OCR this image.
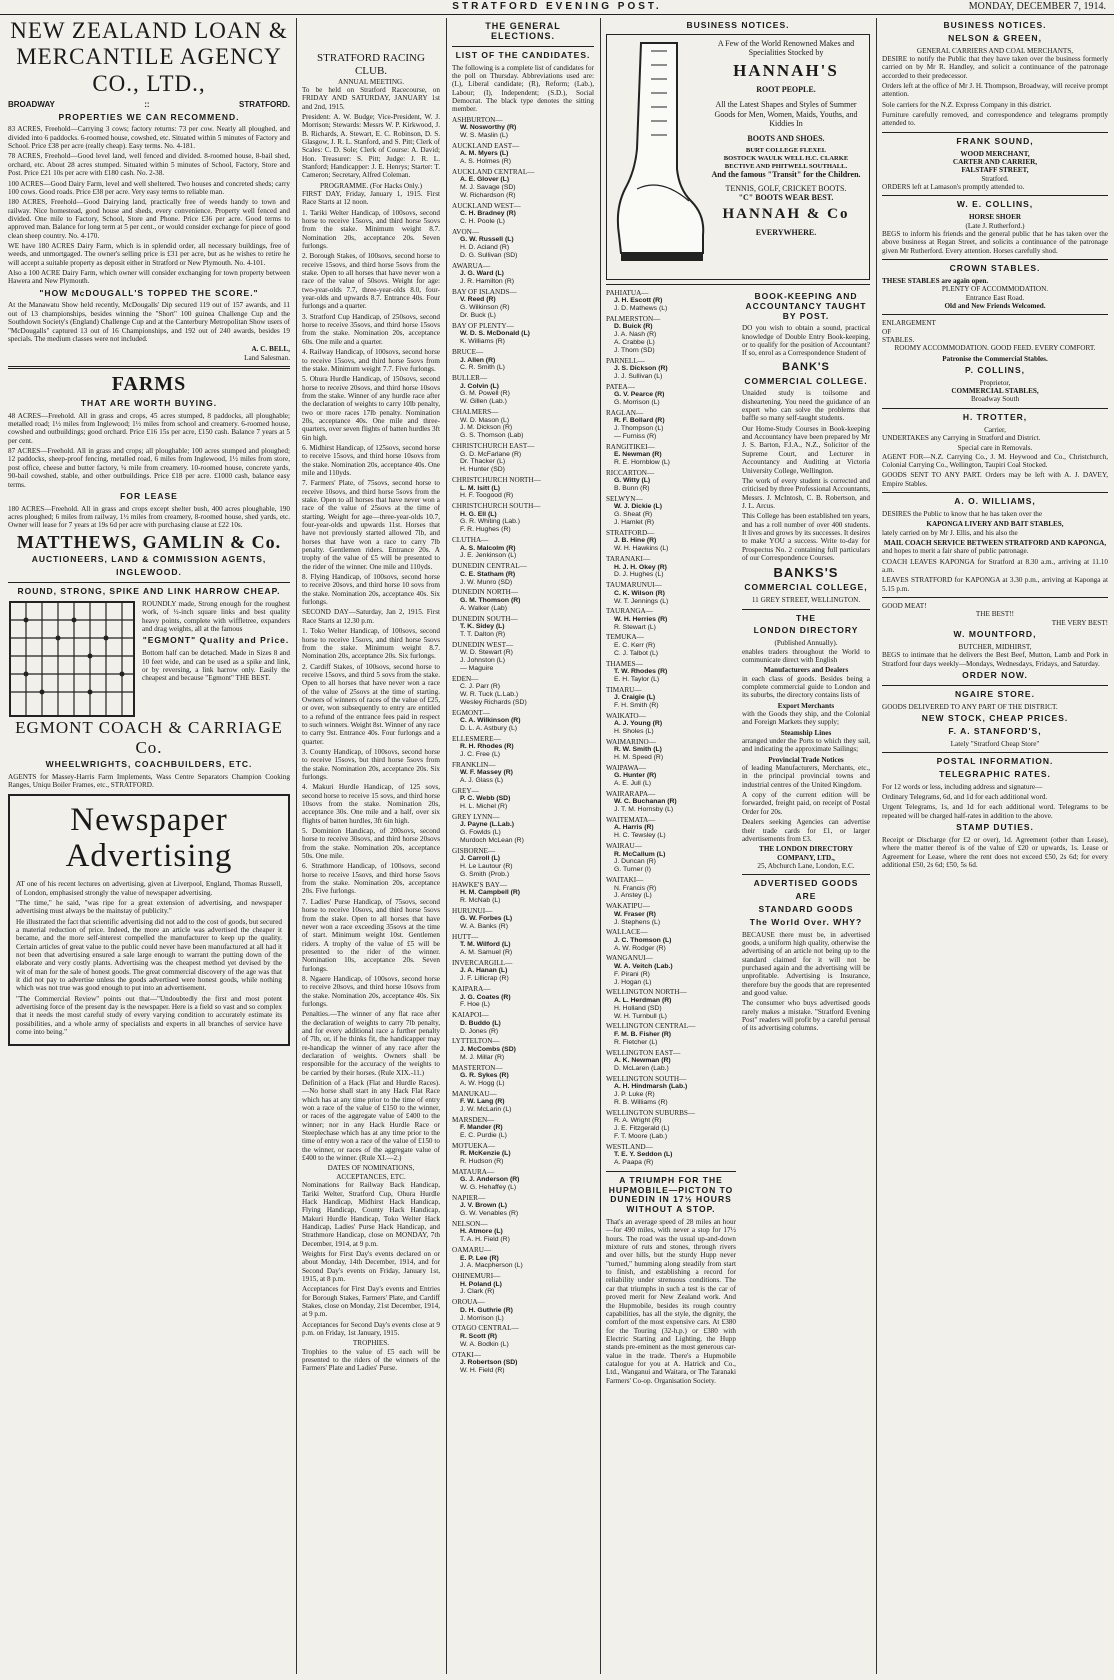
STRATFORD EVENING POST.	MONDAY, DECEMBER 7, 1914.
NEW ZEALAND LOAN & MERCANTILE AGENCY CO., LTD.,
BROADWAY	::	STRATFORD.
PROPERTIES WE CAN RECOMMEND.

83 ACRES, Freehold—Carrying 3 cows; factory returns: 73 per cow. Nearly all ploughed, and divided into 6 paddocks. 6-roomed house, cowshed, etc. Situated within 5 minutes of Factory and School. Price £38 per acre (really cheap). Easy terms. No. 4-181.

78 ACRES, Freehold—Good level land, well fenced and divided. 8-roomed house, 8-bail shed, orchard, etc. About 28 acres stumped. Situated within 5 minutes of School, Factory, Store and Post. Price £21 10s per acre with £180 cash. No. 2-38.

100 ACRES—Good Dairy Farm, level and well sheltered. Two houses and concreted sheds; carry 100 cows. Good roads. Price £38 per acre. Very easy terms to reliable man.

180 ACRES, Freehold—Good Dairying land, practically free of weeds handy to town and railway. Nice homestead, good house and sheds, every convenience. Property well fenced and divided. One mile to Factory, School, Store and Phone. Price £36 per acre. Good terms to approved man. Balance for long term at 5 per cent., or would consider exchange for piece of good clean sheep country. No. 4-170.

WE have 180 ACRES Dairy Farm, which is in splendid order, all necessary buildings, free of weeds, and unmortgaged. The owner's selling price is £31 per acre, but as he wishes to retire he will accept a suitable property as deposit either in Stratford or New Plymouth. No. 4-101.

Also a 100 ACRE Dairy Farm, which owner will consider exchanging for town property between Hawera and New Plymouth.

"HOW McDOUGALL'S TOPPED THE SCORE."

At the Manawatu Show held recently, McDougalls' Dip secured 119 out of 157 awards, and 11 out of 13 championships, besides winning the "Short" 100 guinea Challenge Cup and the Southdown Society's (England) Challenge Cup and at the Canterbury Metropolitan Show users of "McDougalls" captured 13 out of 16 Championships, and 192 out of 240 awards, besides 19 specials. The medium classes were not included.

A. C. BELL,
Land Salesman.
FARMS
THAT ARE WORTH BUYING.

48 ACRES—Freehold. All in grass and crops, 45 acres stumped, 8 paddocks, all ploughable; metalled road; 1½ miles from Inglewood; 1½ miles from school and creamery. 6-roomed house, cowshed and outbuildings; good orchard. Price £16 15s per acre, £150 cash. Balance 7 years at 5 per cent.

87 ACRES—Freehold. All in grass and crops; all ploughable; 100 acres stumped and ploughed; 12 paddocks, sheep-proof fencing, metalled road, 6 miles from Inglewood, 1½ miles from store, post office, cheese and butter factory, ¼ mile from creamery. 10-roomed house, concrete yards, 90-bail cowshed, stable, and other outbuildings. Price £18 per acre. £1000 cash, balance easy terms.

FOR LEASE

180 ACRES—Freehold. All in grass and crops except shelter bush, 400 acres ploughable, 190 acres ploughed; 6 miles from railway, 1½ miles from creamery, 8-roomed house, shed yards, etc. Owner will lease for 7 years at 19s 6d per acre with purchasing clause at £22 10s.

MATTHEWS, GAMLIN & Co.
AUCTIONEERS, LAND & COMMISSION AGENTS,
INGLEWOOD.
ROUND, STRONG, SPIKE AND LINK HARROW CHEAP.

ROUNDLY made, Strong enough for the roughest work, of ½-inch square links and best quality heavy points, complete with wiffletree, expanders and drag weights, all at the famous

"EGMONT" Quality and Price.

Bottom half can be detached. Made in Sizes 8 and 10 feet wide, and can be used as a spike and link, or by reversing, a link harrow only. Easily the cheapest and because "Egmont" THE BEST.

EGMONT COACH & CARRIAGE Co.
WHEELWRIGHTS, COACHBUILDERS, ETC.

AGENTS for Massey-Harris Farm Implements, Wass Centre Separators Champion Cooking Ranges, Uniqu Boiler Frames, etc., STRATFORD.

Newspaper Advertising

AT one of his recent lectures on advertising, given at Liverpool, England, Thomas Russell, of London, emphasised strongly the value of newspaper advertising.

"The time," he said, "was ripe for a great extension of advertising, and newspaper advertising must always be the mainstay of publicity."

He illustrated the fact that scientific advertising did not add to the cost of goods, but secured a material reduction of price. Indeed, the more an article was advertised the cheaper it became, and the more self-interest compelled the manufacturer to keep up the quality. Certain articles of great value to the public could never have been manufactured at all had it not been that advertising ensured a sale large enough to warrant the putting down of the elaborate and very costly plants. Advertising was the cheapest method yet devised by the wit of man for the sale of honest goods. The great commercial discovery of the age was that it did not pay to advertise unless the goods advertised were honest goods, while nothing which was not true was good enough to put into an advertisement.

"The Commercial Review" points out that—"Undoubtedly the first and most potent advertising force of the present day is the newspaper. Here is a field so vast and so complex that it needs the most careful study of every varying condition to accurately estimate its possibilities, and a whole army of specialists and experts in all branches of service have come into being."

STRATFORD RACING CLUB.
ANNUAL MEETING.

To be held on Stratford Racecourse, on FRIDAY AND SATURDAY, JANUARY 1st and 2nd, 1915.

President: A. W. Budge; Vice-President, W. J. Morrison; Stewards: Messrs W. P. Kirkwood, J. B. Richards, A. Stewart, E. C. Robinson, D. S. Glasgow, J. R. L. Stanford, and S. Pitt; Clerk of Scales: C. D. Sole; Clerk of Course: A. David; Hon. Treasurer: S. Pitt; Judge: J. R. L. Stanford; Handicapper: J. E. Henrys; Starter: T. Cameron; Secretary, Alfred Coleman.

PROGRAMME. (For Hacks Only.)

FIRST DAY, Friday, January 1, 1915. First Race Starts at 12 noon.

1. Tariki Welter Handicap, of 100sovs, second horse to receive 15sovs, and third horse 5sovs from the stake. Minimum weight 8.7. Nomination 20s, acceptance 20s. Seven furlongs.

2. Borough Stakes, of 100sovs, second horse to receive 15sovs, and third horse 5sovs from the stake. Open to all horses that have never won a race of the value of 50sovs. Weight for age: two-year-olds 7.7, three-year-olds 8.0, four-year-olds and upwards 8.7. Entrance 40s. Four furlongs and a quarter.

3. Stratford Cup Handicap, of 250sovs, second horse to receive 35sovs, and third horse 15sovs from the stake. Nomination 20s, acceptance 60s. One mile and a quarter.

4. Railway Handicap, of 100sovs, second horse to receive 15sovs, and third horse 5sovs from the stake. Minimum weight 7.7. Five furlongs.

5. Ohura Hurdle Handicap, of 150sovs, second horse to receive 20sovs, and third horse 10sovs from the stake. Winner of any hurdle race after the declaration of weights to carry 10lb penalty, two or more races 17lb penalty. Nomination 20s, acceptance 40s. One mile and three-quarters, over seven flights of batten hurdles 3ft 6in high.

6. Midhirst Handicap, of 125sovs, second horse to receive 15sovs, and third horse 10sovs from the stake. Nomination 20s, acceptance 40s. One mile and 110yds.

7. Farmers' Plate, of 75sovs, second horse to receive 10sovs, and third horse 5sovs from the stake. Open to all horses that have never won a race of the value of 25sovs at the time of starting. Weight for age—three-year-olds 10.7, four-year-olds and upwards 11st. Horses that have not previously started allowed 7lb, and horses that have won a race to carry 7lb penalty. Gentlemen riders. Entrance 20s. A trophy of the value of £5 will be presented to the rider of the winner. One mile and 110yds.

8. Flying Handicap, of 100sovs, second horse to receive 20sovs, and third horse 10 sovs from the stake. Nomination 20s, acceptance 40s. Six furlongs.

SECOND DAY—Saturday, Jan 2, 1915. First Race Starts at 12.30 p.m.

1. Toko Welter Handicap, of 100sovs, second horse to receive 15sovs, and third horse 5sovs from the stake. Minimum weight 8.7. Nomination 20s, acceptance 20s. Six furlongs.

2. Cardiff Stakes, of 100sovs, second horse to receive 15sovs, and third 5 sovs from the stake. Open to all horses that have never won a race of the value of 25sovs at the time of starting. Owners of winners of races of the value of £25, or over, won subsequently to entry are entitled to a refund of the entrance fees paid in respect to such winners. Weight 8st. Winner of any race to carry 9st. Entrance 40s. Four furlongs and a quarter.

3. County Handicap, of 100sovs, second horse to receive 15sovs, but third horse 5sovs from the stake. Nomination 20s, acceptance 20s. Six furlongs.

4. Makuri Hurdle Handicap, of 125 sovs, second horse to receive 15 sovs, and third horse 10sovs from the stake. Nomination 20s, acceptance 30s. One mile and a half, over six flights of batten hurdles, 3ft 6in high.

5. Dominion Handicap, of 200sovs, second horse to receive 30sovs, and third horse 20sovs from the stake. Nomination 20s, acceptance 50s. One mile.

6. Strathmore Handicap, of 100sovs, second horse to receive 15sovs, and third horse 5sovs from the stake. Nomination 20s, acceptance 20s. Five furlongs.

7. Ladies' Purse Handicap, of 75sovs, second horse to receive 10sovs, and third horse 5sovs from the stake. Open to all horses that have never won a race exceeding 35sovs at the time of start. Minimum weight 10st. Gentlemen riders. A trophy of the value of £5 will be presented to the rider of the winner. Nomination 10s, acceptance 20s. Seven furlongs.

8. Ngaere Handicap, of 100sovs, second horse to receive 20sovs, and third horse 10sovs from the stake. Nomination 20s, acceptance 40s. Six furlongs.

Penalties.—The winner of any flat race after the declaration of weights to carry 7lb penalty, and for every additional race a further penalty of 7lb, or, if he thinks fit, the handicapper may re-handicap the winner of any race after the declaration of weights. Owners shall be responsible for the accuracy of the weights to be carried by their horses. (Rule XIX.-11.)

Definition of a Hack (Flat and Hurdle Races).—No horse shall start in any Hack Flat Race which has at any time prior to the time of entry won a race of the value of £150 to the winner, or races of the aggregate value of £400 to the winner; nor in any Hack Hurdle Race or Steeplechase which has at any time prior to the time of entry won a race of the value of £150 to the winner, or races of the aggregate value of £400 to the winner. (Rule XI.—2.)

DATES OF NOMINATIONS, ACCEPTANCES, ETC.

Nominations for Railway Back Handicap, Tariki Welter, Stratford Cup, Ohura Hurdle Hack Handicap, Midhirst Hack Handicap, Flying Handicap, County Hack Handicap, Makuri Hurdle Handicap, Toko Welter Hack Handicap, Ladies' Purse Hack Handicap, and Strathmore Handicap, close on MONDAY, 7th December, 1914, at 9 p.m.

Weights for First Day's events declared on or about Monday, 14th December, 1914, and for Second Day's events on Friday, January 1st, 1915, at 8 p.m.

Acceptances for First Day's events and Entries for Borough Stakes, Farmers' Plate, and Cardiff Stakes, close on Monday, 21st December, 1914, at 9 p.m.

Acceptances for Second Day's events close at 9 p.m. on Friday, 1st January, 1915.

TROPHIES.

Trophies to the value of £5 each will be presented to the riders of the winners of the Farmers' Plate and Ladies' Purse.

THE GENERAL ELECTIONS.
LIST OF THE CANDIDATES.

The following is a complete list of candidates for the poll on Thursday. Abbreviations used are: (L), Liberal candidate; (R), Reform; (Lab.), Labour; (I), Independent; (S.D.), Social Democrat. The black type denotes the sitting member.

ASHBURTON—
W. Nosworthy (R)
W. S. Maslin (L)
AUCKLAND EAST—
A. M. Myers (L)
A. S. Holmes (R)
AUCKLAND CENTRAL—
A. E. Glover (L)
M. J. Savage (SD)
W. Richardson (R)
AUCKLAND WEST—
C. H. Bradney (R)
C. H. Poole (L)
AVON—
G. W. Russell (L)
H. D. Acland (R)
D. G. Sullivan (SD)
AWARUA—
J. G. Ward (L)
J. R. Hamilton (R)
BAY OF ISLANDS—
V. Reed (R)
G. Wilkinson (R)
Dr. Buck (L)
BAY OF PLENTY—
W. D. S. McDonald (L)
K. Williams (R)
BRUCE—
J. Allen (R)
C. R. Smith (L)
BULLER—
J. Colvin (L)
G. M. Powell (R)
W. Gillen (Lab.)
CHALMERS—
W. D. Mason (L)
J. M. Dickson (R)
G. S. Thomson (Lab)
CHRISTCHURCH EAST—
G. D. McFarlane (R)
Dr. Thacker (L)
H. Hunter (SD)
CHRISTCHURCH NORTH—
L. M. Isitt (L)
H. F. Toogood (R)
CHRISTCHURCH SOUTH—
H. G. Ell (L)
G. R. Whiting (Lab.)
F. R. Hughes (R)
CLUTHA—
A. S. Malcolm (R)
J. E. Jenkinson (L)
DUNEDIN CENTRAL—
C. E. Statham (R)
J. W. Munro (SD)
DUNEDIN NORTH—
G. M. Thomson (R)
A. Walker (Lab)
DUNEDIN SOUTH—
T. K. Sidey (L)
T. T. Dalton (R)
DUNEDIN WEST—
W. D. Stewart (R)
J. Johnston (L)
— Maguire
EDEN—
C. J. Parr (R)
W. R. Tuck (L.Lab.)
Wesley Richards (SD)
EGMONT—
C. A. Wilkinson (R)
D. L. A. Astbury (L)
ELLESMERE—
R. H. Rhodes (R)
J. C. Free (L)
FRANKLIN—
W. F. Massey (R)
A. J. Glass (L)
GREY—
P. C. Webb (SD)
H. L. Michel (R)
GREY LYNN—
J. Payne (L.Lab.)
G. Fowlds (L)
Murdoch McLean (R)
GISBORNE—
J. Carroll (L)
H. Le Lautour (R)
G. Smith (Prob.)
HAWKE'S BAY—
H. M. Campbell (R)
R. McNab (L)
HURUNUI—
G. W. Forbes (L)
W. A. Banks (R)
HUTT—
T. M. Wilford (L)
A. M. Samuel (R)
INVERCARGILL—
J. A. Hanan (L)
J. F. Lillicrap (R)
KAIPARA—
J. G. Coates (R)
F. Hoe (L)
KAIAPOI—
D. Buddo (L)
D. Jones (R)
LYTTELTON—
J. McCombs (SD)
M. J. Millar (R)
MASTERTON—
G. R. Sykes (R)
A. W. Hogg (L)
MANUKAU—
F. W. Lang (R)
J. W. McLarin (L)
MARSDEN—
F. Mander (R)
E. C. Purdie (L)
MOTUEKA—
R. McKenzie (L)
R. Hudson (R)
MATAURA—
G. J. Anderson (R)
W. G. Hehaffey (L)
NAPIER—
J. V. Brown (L)
G. W. Venables (R)
NELSON—
H. Atmore (L)
T. A. H. Field (R)
OAMARU—
E. P. Lee (R)
J. A. Macpherson (L)
OHINEMURI—
H. Poland (L)
J. Clark (R)
OROUA—
D. H. Guthrie (R)
J. Morrison (L)
OTAGO CENTRAL—
R. Scott (R)
W. A. Bodkin (L)
OTAKI—
J. Robertson (SD)
W. H. Field (R)
BUSINESS NOTICES.
A Few of the World Renowned Makes and Specialities Stocked by
HANNAH'S
ROOT PEOPLE.
All the Latest Shapes and Styles of Summer Goods for Men, Women, Maids, Youths, and Kiddies In
BOOTS AND SHOES.
BURT COLLEGE FLEXEL
BOSTOCK WAULK WELL H.C. CLARKE
BECTIVE AND PHITWELL SOUTHALL.
And the famous "Transit" for the Children.
TENNIS, GOLF, CRICKET BOOTS.
"C" BOOTS WEAR BEST.
HANNAH & Co
EVERYWHERE.
PAHIATUA—
J. H. Escott (R)
J. D. Mathews (L)
PALMERSTON—
D. Buick (R)
J. A. Nash (R)
A. Crabbe (L)
J. Thorn (SD)
PARNELL—
J. S. Dickson (R)
J. J. Sullivan (L)
PATEA—
G. V. Pearce (R)
G. Morrison (L)
RAGLAN—
R. F. Bollard (R)
J. Thompson (L)
— Furniss (R)
RANGITIKEI—
E. Newman (R)
R. E. Hornblow (L)
RICCARTON—
G. Witty (L)
B. Bunn (R)
SELWYN—
W. J. Dickie (L)
G. Sheat (R)
J. Hamlet (R)
STRATFORD—
J. B. Hine (R)
W. H. Hawkins (L)
TARANAKI—
H. J. H. Okey (R)
D. J. Hughes (L)
TAUMARUNUI—
C. K. Wilson (R)
W. T. Jennings (L)
TAURANGA—
W. H. Herries (R)
R. Stewart (L)
TEMUKA—
E. C. Kerr (R)
C. J. Talbot (L)
THAMES—
T. W. Rhodes (R)
E. H. Taylor (L)
TIMARU—
J. Craigie (L)
F. H. Smith (R)
WAIKATO—
A. J. Young (R)
H. Sholes (L)
WAIMARINO—
R. W. Smith (L)
H. M. Speed (R)
WAIPAWA—
G. Hunter (R)
A. E. Jull (L)
WAIRARAPA—
W. C. Buchanan (R)
J. T. M. Hornsby (L)
WAITEMATA—
A. Harris (R)
H. C. Tewsley (L)
WAIRAU—
R. McCallum (L)
J. Duncan (R)
G. Turner (I)
WAITAKI—
N. Francis (R)
J. Anstey (L)
WAKATIPU—
W. Fraser (R)
J. Stephens (L)
WALLACE—
J. C. Thomson (L)
A. W. Rodger (R)
WANGANUI—
W. A. Veitch (Lab.)
F. Pirani (R)
J. Hogan (L)
WELLINGTON NORTH—
A. L. Herdman (R)
H. Holland (SD)
W. H. Turnbull (L)
WELLINGTON CENTRAL—
F. M. B. Fisher (R)
R. Fletcher (L)
WELLINGTON EAST—
A. K. Newman (R)
D. McLaren (Lab.)
WELLINGTON SOUTH—
A. H. Hindmarsh (Lab.)
J. P. Luke (R)
R. B. Williams (R)
WELLINGTON SUBURBS—
R. A. Wright (R)
J. E. Fitzgerald (L)
F. T. Moore (Lab.)
WESTLAND—
T. E. Y. Seddon (L)
A. Paapa (R)
A TRIUMPH FOR THE HUPMOBILE—PICTON TO DUNEDIN IN 17½ HOURS WITHOUT A STOP.

That's an average speed of 28 miles an hour—for 490 miles, with never a stop for 17½ hours. The road was the usual up-and-down mixture of ruts and stones, through rivers and over hills, but the sturdy Hupp never "turned," humming along steadily from start to finish, and establishing a record for reliability under strenuous conditions. The car that triumphs in such a test is the car of proved merit for New Zealand work. And the Hupmobile, besides its rough country capabilities, has all the style, the dignity, the comfort of the most expensive cars. At £380 for the Touring (32-h.p.) or £380 with Electric Starting and Lighting, the Hupp stands pre-eminent as the most generous car-value in the trade. There's a Hupmobile catalogue for you at A. Hatrick and Co., Ltd., Wanganui and Waitara, or The Taranaki Farmers' Co-op. Organisation Society.

BOOK-KEEPING AND ACCOUNTANCY TAUGHT BY POST.

DO you wish to obtain a sound, practical knowledge of Double Entry Book-keeping, or to qualify for the position of Accountant? If so, enrol as a Correspondence Student of

BANK'S
COMMERCIAL COLLEGE.

Unaided study is toilsome and disheartening. You need the guidance of an expert who can solve the problems that baffle so many self-taught students.

Our Home-Study Courses in Book-keeping and Accountancy have been prepared by Mr J. S. Barton, F.I.A., N.Z., Solicitor of the Supreme Court, and Lecturer in Accountancy and Auditing at Victoria University College, Wellington.

The work of every student is corrected and criticised by three Professional Accountants, Messrs. J. McIntosh, C. B. Robertson, and J. L. Arcus.

This College has been established ten years, and has a roll number of over 400 students. It lives and grows by its successes. It desires to make YOU a success. Write to-day for Prospectus No. 2 containing full particulars of our Correspondence Courses.

BANKS'S
COMMERCIAL COLLEGE,
11 GREY STREET, WELLINGTON.
THE
LONDON DIRECTORY
(Published Annually).

enables traders throughout the World to communicate direct with English

Manufacturers and Dealers

in each class of goods. Besides being a complete commercial guide to London and its suburbs, the directory contains lists of

Export Merchants

with the Goods they ship, and the Colonial and Foreign Markets they supply;

Steamship Lines

arranged under the Ports to which they sail, and indicating the approximate Sailings;

Provincial Trade Notices

of leading Manufacturers, Merchants, etc., in the principal provincial towns and industrial centres of the United Kingdom.

A copy of the current edition will be forwarded, freight paid, on receipt of Postal Order for 20s.

Dealers seeking Agencies can advertise their trade cards for £1, or larger advertisements from £3.

THE LONDON DIRECTORY COMPANY, LTD.,
25, Abchurch Lane, London, E.C.
ADVERTISED GOODS
ARE
STANDARD GOODS
The World Over. WHY?

BECAUSE there must be, in advertised goods, a uniform high quality, otherwise the advertising of an article not being up to the standard claimed for it will not be purchased again and the advertising will be unprofitable. Advertising is Insurance, therefore buy the goods that are represented and good value.

The consumer who buys advertised goods rarely makes a mistake. "Stratford Evening Post" readers will profit by a careful perusal of its advertising columns.

BUSINESS NOTICES.
NELSON & GREEN,
GENERAL CARRIERS AND COAL MERCHANTS,

DESIRE to notify the Public that they have taken over the business formerly carried on by Mr R. Handley, and solicit a continuance of the patronage accorded to their predecessor.

Orders left at the office of Mr J. H. Thompson, Broadway, will receive prompt attention.

Sole carriers for the N.Z. Express Company in this district.

Furniture carefully removed, and correspondence and telegrams promptly attended to.

FRANK SOUND,
WOOD MERCHANT,
CARTER AND CARRIER,
FALSTAFF STREET,
Stratford.

ORDERS left at Lamason's promptly attended to.

W. E. COLLINS,
HORSE SHOER
(Late J. Rutherford.)

BEGS to inform his friends and the general public that he has taken over the above business at Regan Street, and solicits a continuance of the patronage given Mr Rutherford. Every attention. Horses carefully shod.

CROWN STABLES.
THESE STABLES are again open.
PLENTY OF ACCOMMODATION.
Entrance East Road.
Old and New Friends Welcomed.
ENLARGEMENT
OF
STABLES.

ROOMY ACCOMMODATION. GOOD FEED. EVERY COMFORT.

Patronise the Commercial Stables.
P. COLLINS,
Proprietor,
COMMERCIAL STABLES,
Broadway South
H. TROTTER,
Carrier,

UNDERTAKES any Carrying in Stratford and District.

Special care in Removals.

AGENT FOR—N.Z. Carrying Co., J. M. Heywood and Co., Christchurch, Colonial Carrying Co., Wellington, Taupiri Coal Stocked.

GOODS SENT TO ANY PART. Orders may be left with A. J. DAVEY, Empire Stables.

A. O. WILLIAMS,

DESIRES the Public to know that he has taken over the

KAPONGA LIVERY AND BAIT STABLES,

lately carried on by Mr J. Ellis, and his also the

MAIL COACH SERVICE BETWEEN STRATFORD AND KAPONGA,

and hopes to merit a fair share of public patronage.

COACH LEAVES KAPONGA for Stratford at 8.30 a.m., arriving at 11.10 a.m.

LEAVES STRATFORD for KAPONGA at 3.30 p.m., arriving at Kaponga at 5.15 p.m.

GOOD MEAT!
THE BEST!!
THE VERY BEST!
W. MOUNTFORD,
BUTCHER, MIDHIRST,

BEGS to intimate that he delivers the Best Beef, Mutton, Lamb and Pork in Stratford four days weekly—Mondays, Wednesdays, Fridays, and Saturday.

ORDER NOW.
NGAIRE STORE.

GOODS DELIVERED TO ANY PART OF THE DISTRICT.

NEW STOCK, CHEAP PRICES.
F. A. STANFORD'S,
Lately "Stratford Cheap Store"
POSTAL INFORMATION.
TELEGRAPHIC RATES.

For 12 words or less, including address and signature—

Ordinary Telegrams, 6d, and 1d for each additional word.

Urgent Telegrams, 1s, and 1d for each additional word. Telegrams to be repeated will be charged half-rates in addition to the above.

STAMP DUTIES.

Receipt or Discharge (for £2 or over), 1d. Agreement (other than Lease), where the matter thereof is of the value of £20 or upwards, 1s. Lease or Agreement for Lease, where the rent does not exceed £50, 2s 6d; for every additional £50, 2s 6d; £50, 5s 6d.
